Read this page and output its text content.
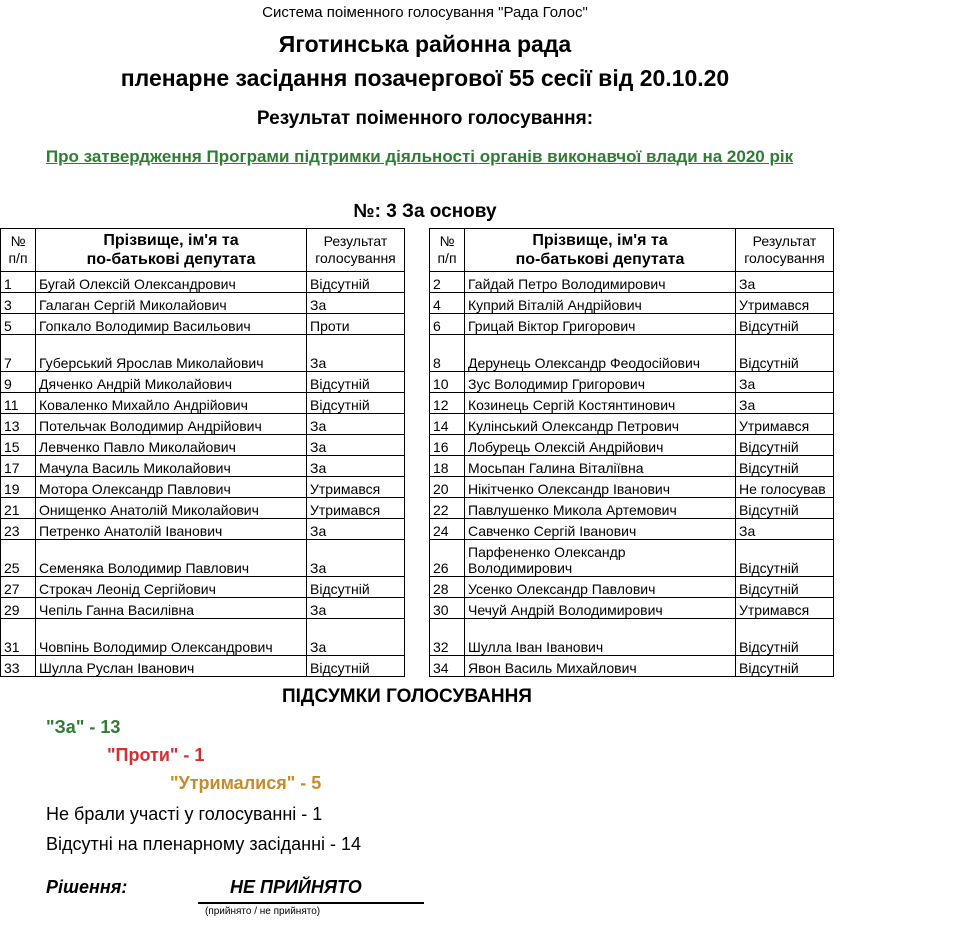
Система поіменного голосування "Рада Голос"
Яготинська районна рада
пленарне засідання позачергової 55 сесії від 20.10.20
Результат поіменного голосування:
Про затвердження Програми підтримки діяльності органів виконавчої влади на 2020 рік
№: 3 За основу
№
п/п	Прізвище, ім'я та
по-батькові депутата	Результат
голосування
1	Бугай Олексій Олександрович	Відсутній
3	Галаган Сергій Миколайович	За
5	Гопкало Володимир Васильович	Проти
7	Губерський Ярослав Миколайович	За
9	Дяченко Андрій Миколайович	Відсутній
11	Коваленко Михайло Андрійович	Відсутній
13	Потельчак Володимир Андрійович	За
15	Левченко Павло Миколайович	За
17	Мачула Василь Миколайович	За
19	Мотора Олександр Павлович	Утримався
21	Онищенко Анатолій Миколайович	Утримався
23	Петренко Анатолій Іванович	За
25	Семеняка Володимир Павлович	За
27	Строкач Леонід Сергійович	Відсутній
29	Чепіль Ганна Василівна	За
31	Човпінь Володимир Олександрович	За
33	Шулла Руслан Іванович	Відсутній
№
п/п	Прізвище, ім'я та
по-батькові депутата	Результат
голосування
2	Гайдай Петро Володимирович	За
4	Куприй Віталій Андрійович	Утримався
6	Грицай Віктор Григорович	Відсутній
8	Дерунець Олександр Феодосійович	Відсутній
10	Зус Володимир Григорович	За
12	Козинець Сергій Костянтинович	За
14	Кулінський Олександр Петрович	Утримався
16	Лобурець Олексій Андрійович	Відсутній
18	Мосьпан Галина Віталіївна	Відсутній
20	Нікітченко Олександр Іванович	Не голосував
22	Павлушенко Микола Артемович	Відсутній
24	Савченко Сергій Іванович	За
26	Парфененко Олександр Володимирович	Відсутній
28	Усенко Олександр Павлович	Відсутній
30	Чечуй Андрій Володимирович	Утримався
32	Шулла Іван Іванович	Відсутній
34	Явон Василь Михайлович	Відсутній
ПІДСУМКИ ГОЛОСУВАННЯ
"За" - 13
"Проти" - 1
"Утрималися" - 5
Не брали участі у голосуванні - 1
Відсутні на пленарному засіданні - 14
Рішення:	НЕ ПРИЙНЯТО
(прийнято / не прийнято)
